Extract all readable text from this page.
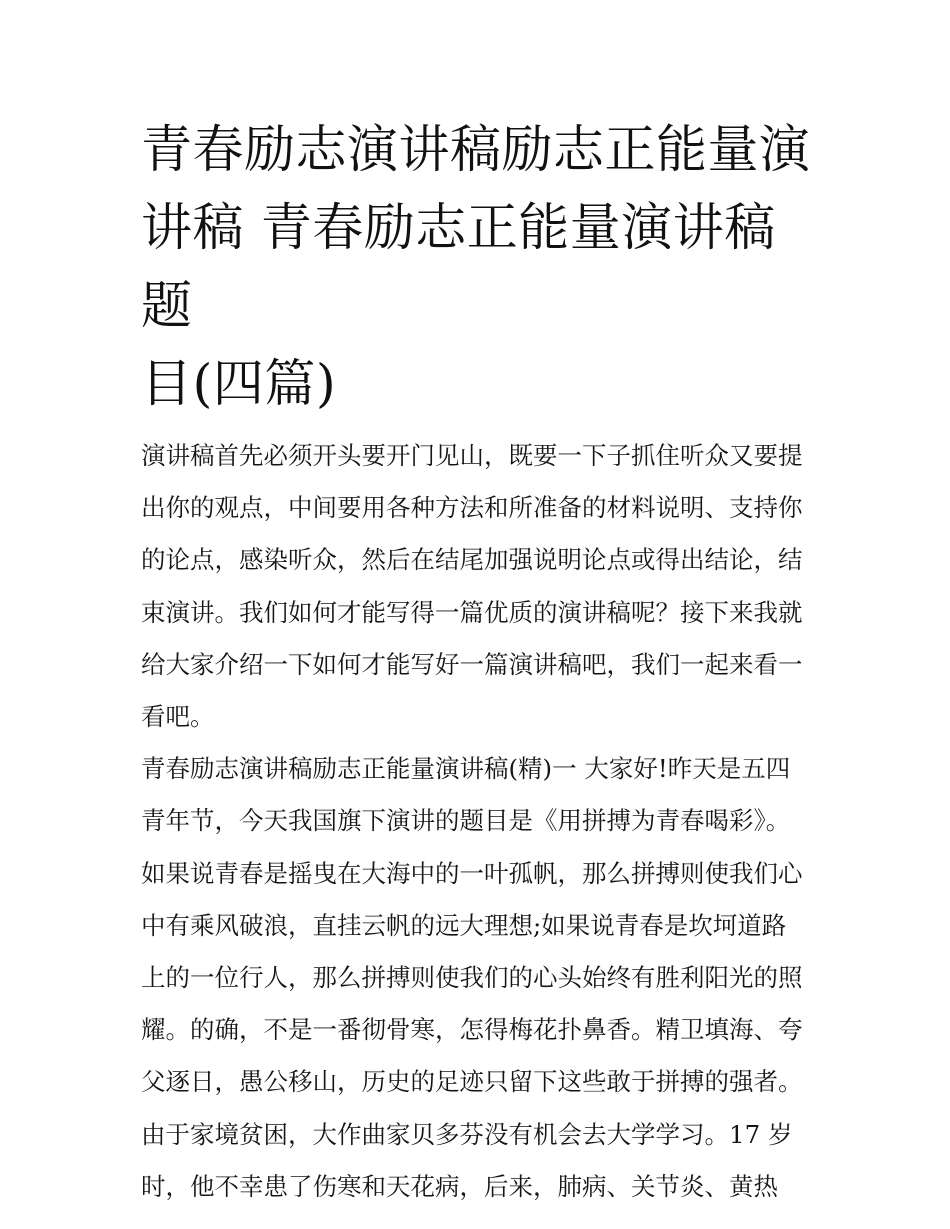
青春励志演讲稿励志正能量演
讲稿 青春励志正能量演讲稿题
目(四篇)

演讲稿首先必须开头要开门见山，既要一下子抓住听众又要提
出你的观点，中间要用各种方法和所准备的材料说明、支持你
的论点，感染听众，然后在结尾加强说明论点或得出结论，结
束演讲。我们如何才能写得一篇优质的演讲稿呢？接下来我就
给大家介绍一下如何才能写好一篇演讲稿吧，我们一起来看一
看吧。

青春励志演讲稿励志正能量演讲稿(精)一 大家好!昨天是五四
青年节，今天我国旗下演讲的题目是《用拼搏为青春喝彩》。
如果说青春是摇曳在大海中的一叶孤帆，那么拼搏则使我们心
中有乘风破浪，直挂云帆的远大理想;如果说青春是坎坷道路
上的一位行人，那么拼搏则使我们的心头始终有胜利阳光的照
耀。的确，不是一番彻骨寒，怎得梅花扑鼻香。精卫填海、夸
父逐日，愚公移山，历史的足迹只留下这些敢于拼搏的强者。
由于家境贫困，大作曲家贝多芬没有机会去大学学习。17 岁
时，他不幸患了伤寒和天花病，后来，肺病、关节炎、黄热
